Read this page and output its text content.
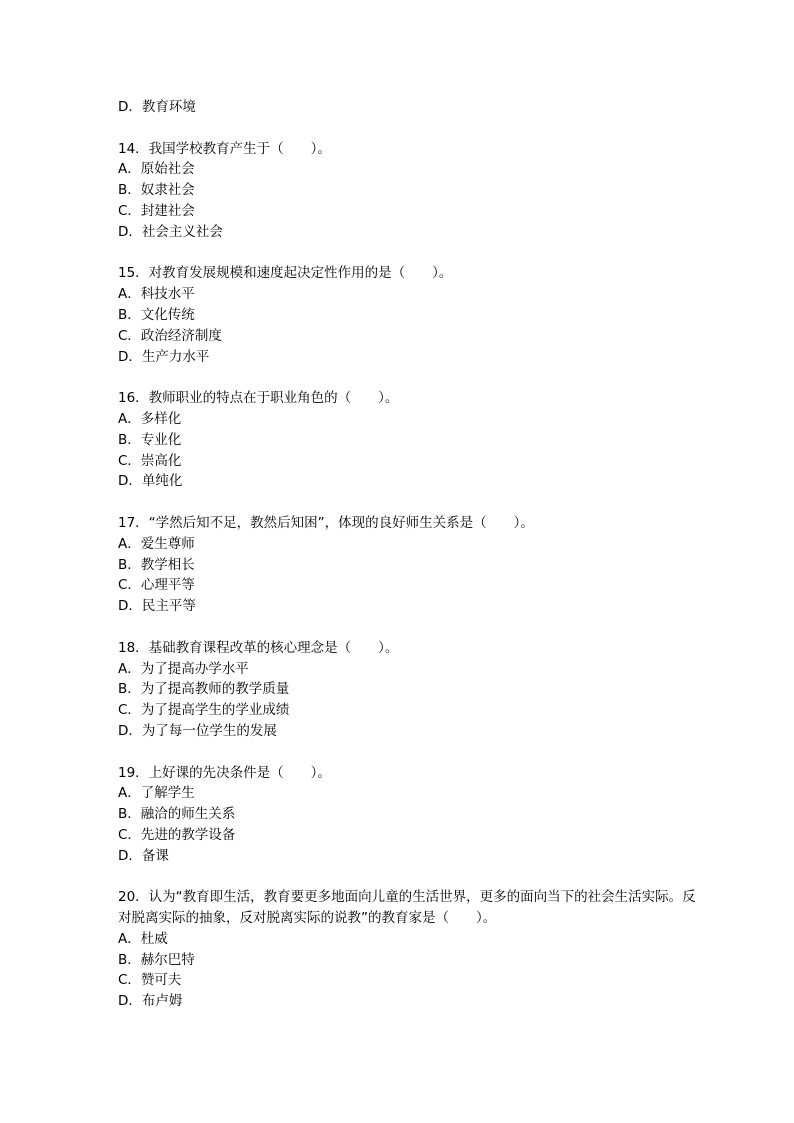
D．教育环境
14．我国学校教育产生于（　　）。
A．原始社会
B．奴隶社会
C．封建社会
D．社会主义社会
15．对教育发展规模和速度起决定性作用的是（　　）。
A．科技水平
B．文化传统
C．政治经济制度
D．生产力水平
16．教师职业的特点在于职业角色的（　　）。
A．多样化
B．专业化
C．崇高化
D．单纯化
17．“学然后知不足，教然后知困”，体现的良好师生关系是（　　）。
A．爱生尊师
B．教学相长
C．心理平等
D．民主平等
18．基础教育课程改革的核心理念是（　　）。
A．为了提高办学水平
B．为了提高教师的教学质量
C．为了提高学生的学业成绩
D．为了每一位学生的发展
19．上好课的先决条件是（　　）。
A．了解学生
B．融洽的师生关系
C．先进的教学设备
D．备课
20．认为“教育即生活，教育要更多地面向儿童的生活世界，更多的面向当下的社会生活实际。反对脱离实际的抽象，反对脱离实际的说教”的教育家是（　　）。
A．杜威
B．赫尔巴特
C．赞可夫
D．布卢姆
